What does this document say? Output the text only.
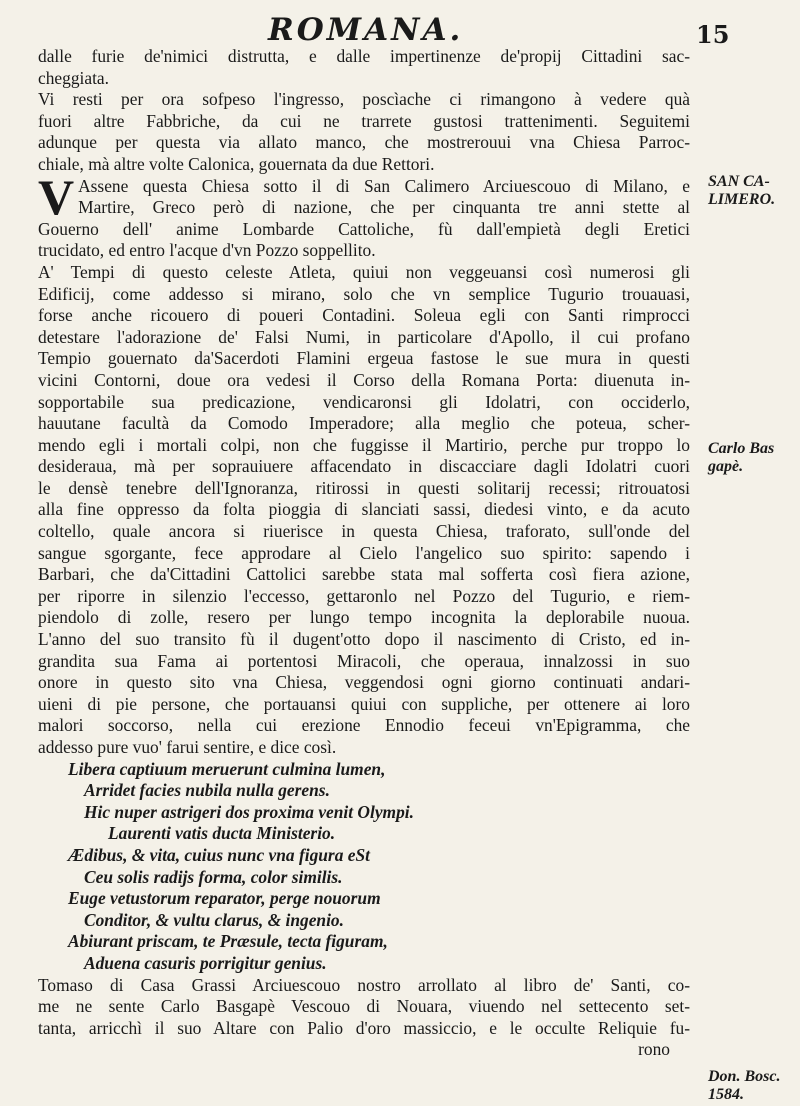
ROMANA.	15

dalle furie de'nimici distrutta, e dalle impertinenze de'propij Cittadini sac-
cheggiata.

Vi resti per ora sofpeso l'ingresso, poscìache ci rimangono à vedere quà
fuori altre Fabbriche, da cui ne trarrete gustosi trattenimenti. Seguitemi
adunque per questa via allato manco, che mostrerouui vna Chiesa Parroc-
chiale, mà altre volte Calonica, gouernata da due Rettori.

V Assene questa Chiesa sotto il di San Calimero Arciuescouo di Milano, e
Martire, Greco però di nazione, che per cinquanta tre anni stette al
Gouerno dell' anime Lombarde Cattoliche, fù dall'empietà degli Eretici
trucidato, ed entro l'acque d'vn Pozzo soppellito.

A' Tempi di questo celeste Atleta, quiui non veggeuansi così numerosi gli
Edificij, come addesso si mirano, solo che vn semplice Tugurio trouauasi,
forse anche ricouero di poueri Contadini. Soleua egli con Santi rimprocci
detestare l'adorazione de' Falsi Numi, in particolare d'Apollo, il cui profano
Tempio gouernato da'Sacerdoti Flamini ergeua fastose le sue mura in questi
vicini Contorni, doue ora vedesi il Corso della Romana Porta: diuenuta in-
sopportabile sua predicazione, vendicaronsi gli Idolatri, con occiderlo,
hauutane facultà da Comodo Imperadore; alla meglio che poteua, scher-
mendo egli i mortali colpi, non che fuggisse il Martirio, perche pur troppo lo
desideraua, mà per soprauiuere affacendato in discacciare dagli Idolatri cuori
le densè tenebre dell'Ignoranza, ritirossi in questi solitarij recessi; ritrouatosi
alla fine oppresso da folta pioggia di slanciati sassi, diedesi vinto, e da acuto
coltello, quale ancora si riuerisce in questa Chiesa, traforato, sull'onde del
sangue sgorgante, fece approdare al Cielo l'angelico suo spirito: sapendo i
Barbari, che da'Cittadini Cattolici sarebbe stata mal sofferta così fiera azione,
per riporre in silenzio l'eccesso, gettaronlo nel Pozzo del Tugurio, e riem-
piendolo di zolle, resero per lungo tempo incognita la deplorabile nuoua.
L'anno del suo transito fù il dugent'otto dopo il nascimento di Cristo, ed in-
grandita sua Fama ai portentosi Miracoli, che operaua, innalzossi in suo
onore in questo sito vna Chiesa, veggendosi ogni giorno continuati andari-
uieni di pie persone, che portauansi quiui con suppliche, per ottenere ai loro
malori soccorso, nella cui erezione Ennodio feceui vn'Epigramma, che
addesso pure vuo' farui sentire, e dice così.

Libera captiuum meruerunt culmina lumen,
Arridet facies nubila nulla gerens.
Hic nuper astrigeri dos proxima venit Olympi.
Laurenti vatis ducta Ministerio.
Ædibus, & vita, cuius nunc vna figura eSt
Ceu solis radijs forma, color similis.
Euge vetustorum reparator, perge nouorum
Conditor, & vultu clarus, & ingenio.
Abiurant priscam, te Præsule, tecta figuram,
Aduena casuris porrigitur genius.

Tomaso di Casa Grassi Arciuescouo nostro arrollato al libro de' Santi, co-
me ne sente Carlo Basgapè Vescouo di Nouara, viuendo nel settecento set-
tanta, arricchì il suo Altare con Palio d'oro massiccio, e le occulte Reliquie fu-
rono

SAN CA-
LIMERO.
Carlo Bas
gapè.
Don. Bosc.
1584.
